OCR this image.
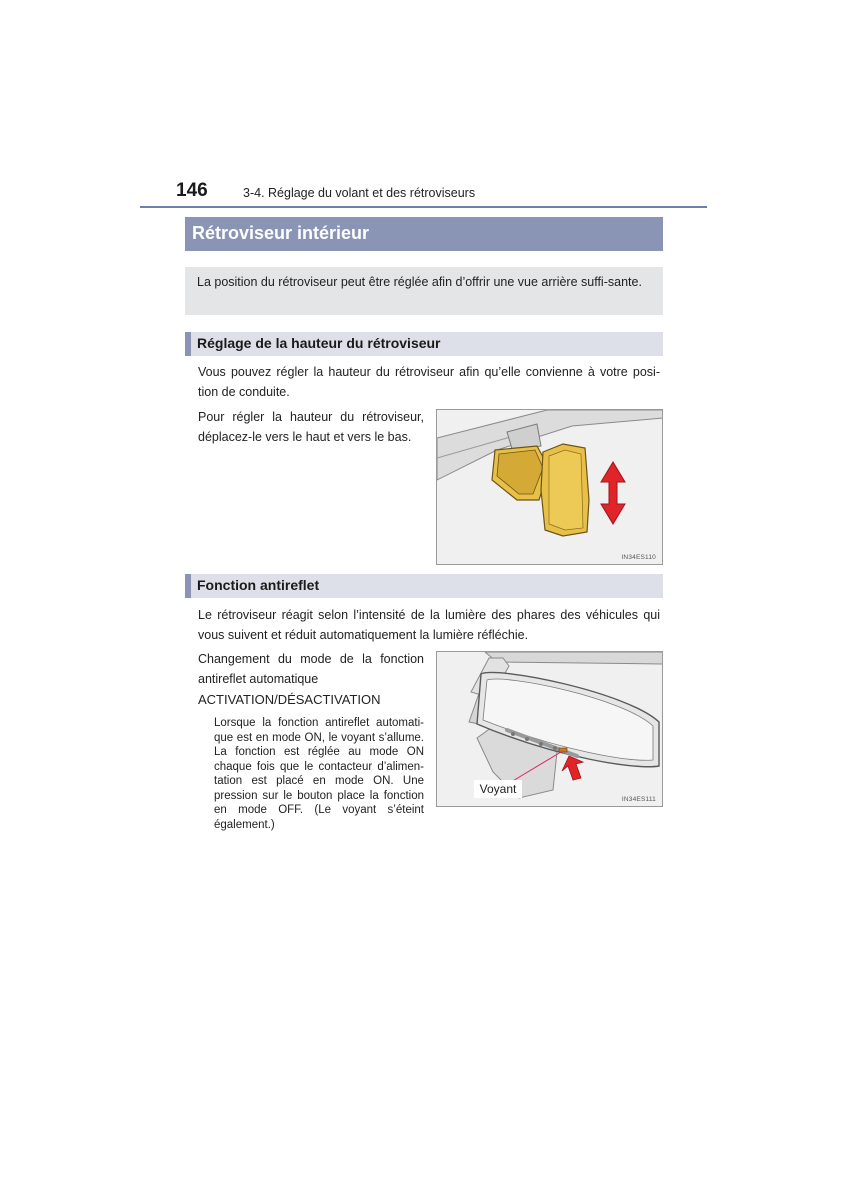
146	3-4. Réglage du volant et des rétroviseurs
Rétroviseur intérieur

La position du rétroviseur peut être réglée afin d’offrir une vue arrière suffi-sante.

Réglage de la hauteur du rétroviseur

Vous pouvez régler la hauteur du rétroviseur afin qu’elle convienne à votre posi-tion de conduite.

Pour régler la hauteur du rétroviseur, déplacez-le vers le haut et vers le bas.

IN34ES110
Fonction antireflet

Le rétroviseur réagit selon l’intensité de la lumière des phares des véhicules qui vous suivent et réduit automatiquement la lumière réfléchie.

Changement du mode de la fonction antireflet automatique

ACTIVATION/DÉSACTIVATION

Lorsque la fonction antireflet automati-que est en mode ON, le voyant s’allume. La fonction est réglée au mode ON chaque fois que le contacteur d’alimen-tation est placé en mode ON. Une pression sur le bouton place la fonction en mode OFF. (Le voyant s’éteint également.)

Voyant
IN34ES111
